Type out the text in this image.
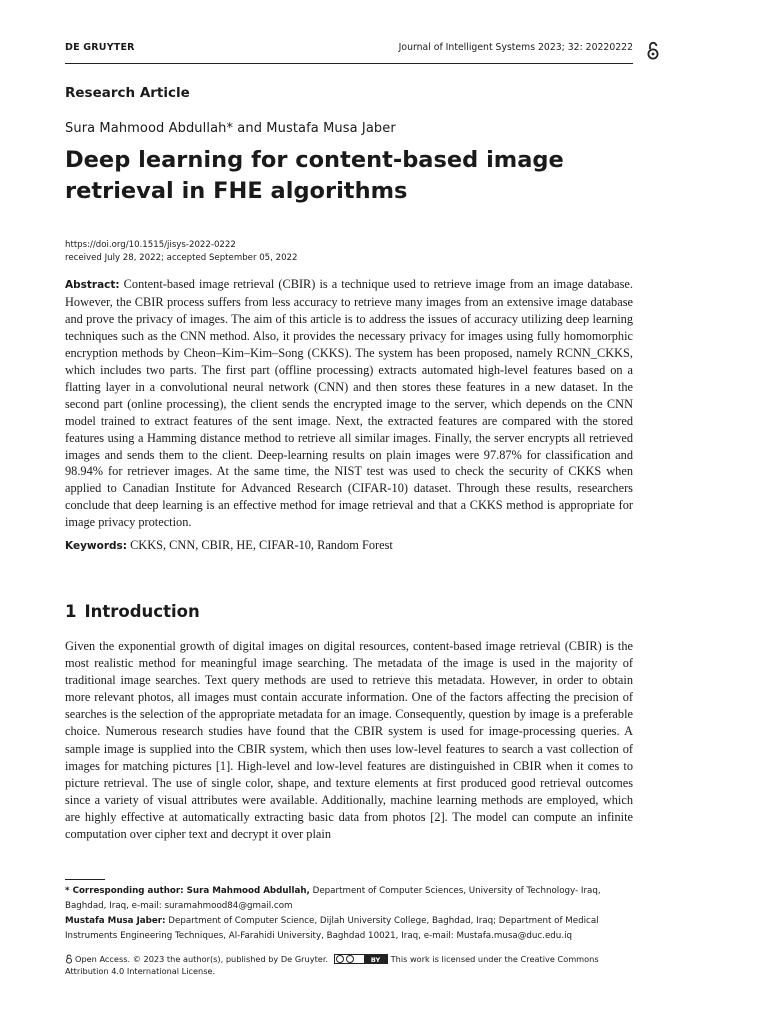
DE GRUYTER	Journal of Intelligent Systems 2023; 32: 20220222
Research Article
Sura Mahmood Abdullah* and Mustafa Musa Jaber
Deep learning for content-based image retrieval in FHE algorithms
https://doi.org/10.1515/jisys-2022-0222
received July 28, 2022; accepted September 05, 2022

Abstract: Content-based image retrieval (CBIR) is a technique used to retrieve image from an image database. However, the CBIR process suffers from less accuracy to retrieve many images from an extensive image database and prove the privacy of images. The aim of this article is to address the issues of accuracy utilizing deep learning techniques such as the CNN method. Also, it provides the necessary privacy for images using fully homomorphic encryption methods by Cheon–Kim–Kim–Song (CKKS). The system has been proposed, namely RCNN_CKKS, which includes two parts. The first part (offline processing) extracts automated high-level features based on a flatting layer in a convolutional neural network (CNN) and then stores these features in a new dataset. In the second part (online processing), the client sends the encrypted image to the server, which depends on the CNN model trained to extract features of the sent image. Next, the extracted features are compared with the stored features using a Hamming distance method to retrieve all similar images. Finally, the server encrypts all retrieved images and sends them to the client. Deep-learning results on plain images were 97.87% for classification and 98.94% for retriever images. At the same time, the NIST test was used to check the security of CKKS when applied to Canadian Institute for Advanced Research (CIFAR-10) dataset. Through these results, researchers conclude that deep learning is an effective method for image retrieval and that a CKKS method is appropriate for image privacy protection.

Keywords: CKKS, CNN, CBIR, HE, CIFAR-10, Random Forest
1 Introduction

Given the exponential growth of digital images on digital resources, content-based image retrieval (CBIR) is the most realistic method for meaningful image searching. The metadata of the image is used in the majority of traditional image searches. Text query methods are used to retrieve this metadata. However, in order to obtain more relevant photos, all images must contain accurate information. One of the factors affecting the precision of searches is the selection of the appropriate metadata for an image. Consequently, question by image is a preferable choice. Numerous research studies have found that the CBIR system is used for image-processing queries. A sample image is supplied into the CBIR system, which then uses low-level features to search a vast collection of images for matching pictures [1]. High-level and low-level features are distinguished in CBIR when it comes to picture retrieval. The use of single color, shape, and texture elements at first produced good retrieval outcomes since a variety of visual attributes were available. Additionally, machine learning methods are employed, which are highly effective at automatically extracting basic data from photos [2]. The model can compute an infinite computation over cipher text and decrypt it over plain

* Corresponding author: Sura Mahmood Abdullah, Department of Computer Sciences, University of Technology- Iraq, Baghdad, Iraq, e-mail: suramahmood84@gmail.com
Mustafa Musa Jaber: Department of Computer Science, Dijlah University College, Baghdad, Iraq; Department of Medical Instruments Engineering Techniques, Al-Farahidi University, Baghdad 10021, Iraq, e-mail: Mustafa.musa@duc.edu.iq

Open Access. © 2023 the author(s), published by De Gruyter.	BY This work is licensed under the Creative Commons Attribution 4.0 International License.
